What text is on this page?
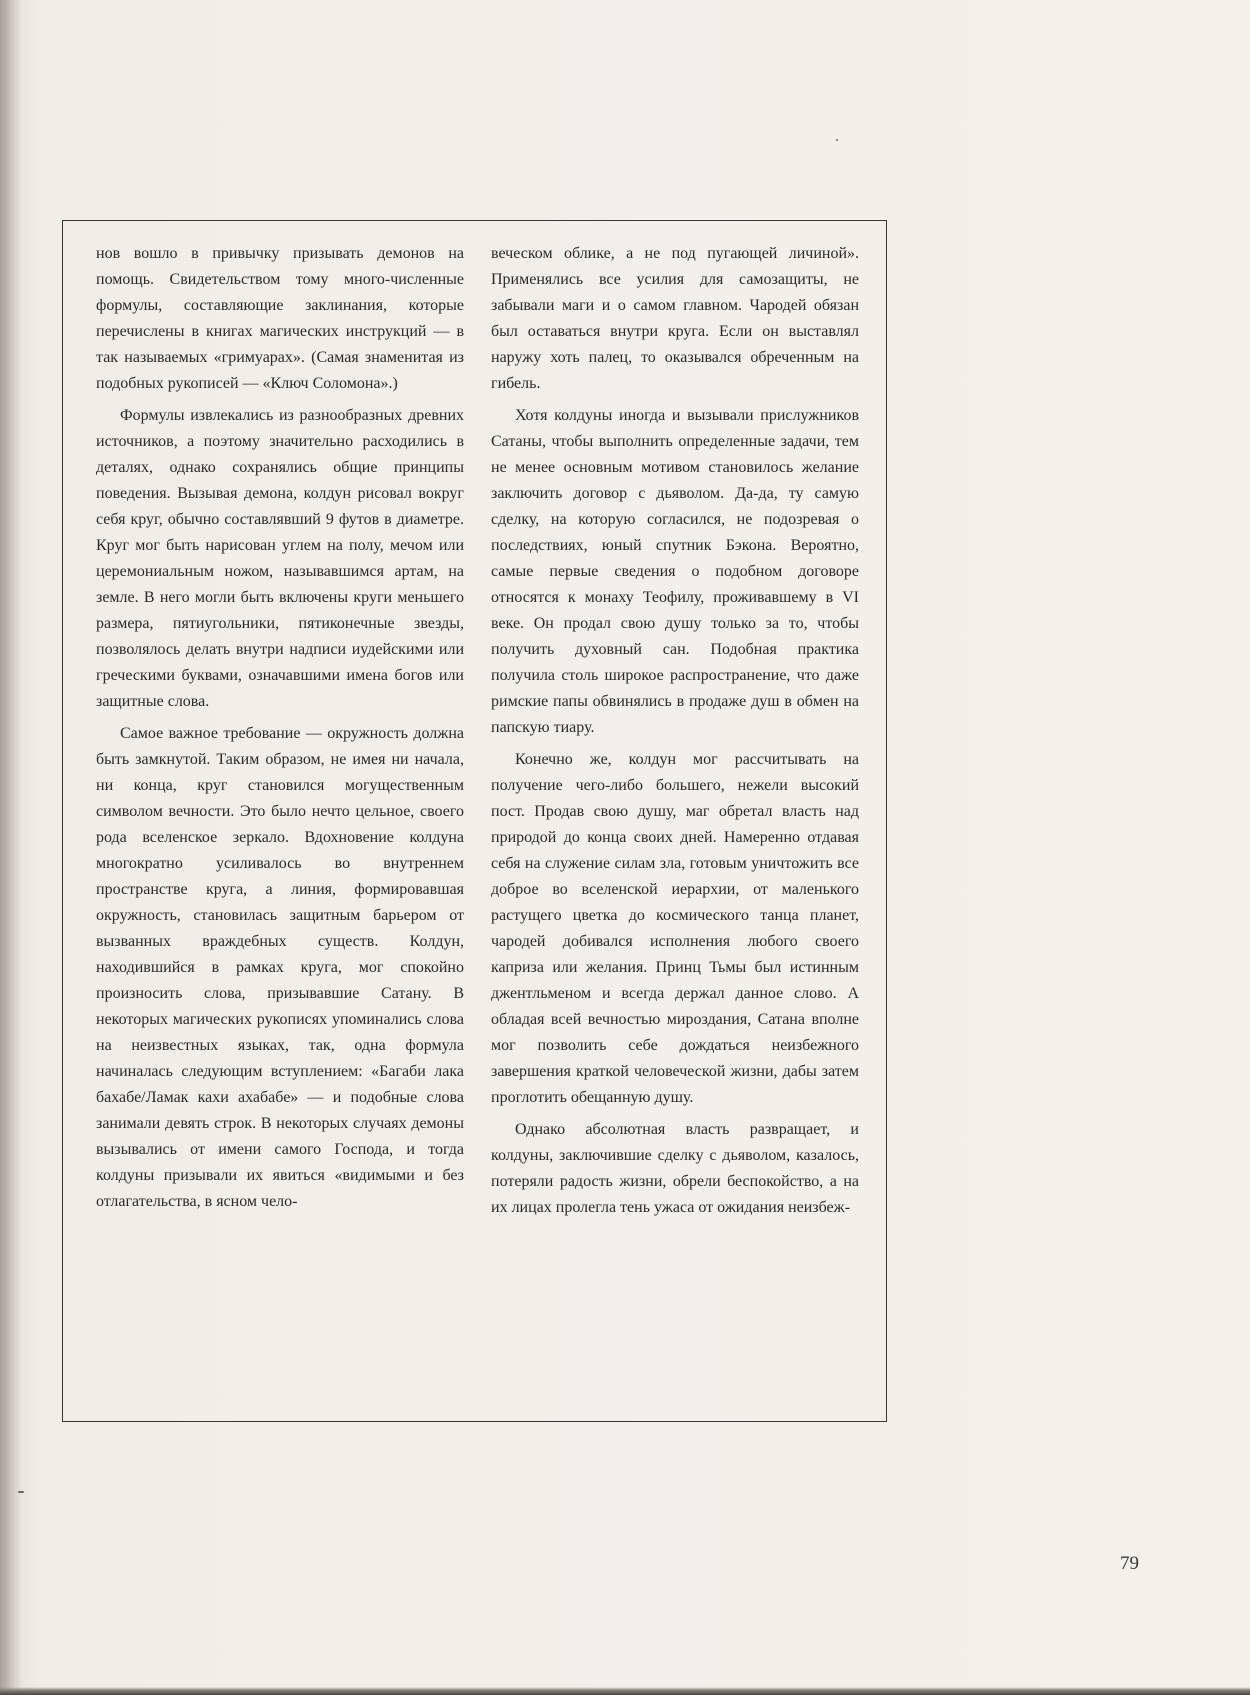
нов вошло в привычку призывать демонов на помощь. Свидетельством тому много-численные формулы, составляющие заклинания, которые перечислены в книгах магических инструкций — в так называемых «гримуарах». (Самая знаменитая из подобных рукописей — «Ключ Соломона».)

Формулы извлекались из разнообразных древних источников, а поэтому значительно расходились в деталях, однако сохранялись общие принципы поведения. Вызывая демона, колдун рисовал вокруг себя круг, обычно составлявший 9 футов в диаметре. Круг мог быть нарисован углем на полу, мечом или церемониальным ножом, называвшимся артам, на земле. В него могли быть включены круги меньшего размера, пятиугольники, пятиконечные звезды, позволялось делать внутри надписи иудейскими или греческими буквами, означавшими имена богов или защитные слова.

Самое важное требование — окружность должна быть замкнутой. Таким образом, не имея ни начала, ни конца, круг становился могущественным символом вечности. Это было нечто цельное, своего рода вселенское зеркало. Вдохновение колдуна многократно усиливалось во внутреннем пространстве круга, а линия, формировавшая окружность, становилась защитным барьером от вызванных враждебных существ. Колдун, находившийся в рамках круга, мог спокойно произносить слова, призывавшие Сатану. В некоторых магических рукописях упоминались слова на неизвестных языках, так, одна формула начиналась следующим вступлением: «Багаби лака бахабе/Ламак кахи ахабабе» — и подобные слова занимали девять строк. В некоторых случаях демоны вызывались от имени самого Господа, и тогда колдуны призывали их явиться «видимыми и без отлагательства, в ясном чело-

веческом облике, а не под пугающей личиной». Применялись все усилия для самозащиты, не забывали маги и о самом главном. Чародей обязан был оставаться внутри круга. Если он выставлял наружу хоть палец, то оказывался обреченным на гибель.

Хотя колдуны иногда и вызывали прислужников Сатаны, чтобы выполнить определенные задачи, тем не менее основным мотивом становилось желание заключить договор с дьяволом. Да-да, ту самую сделку, на которую согласился, не подозревая о последствиях, юный спутник Бэкона. Вероятно, самые первые сведения о подобном договоре относятся к монаху Теофилу, проживавшему в VI веке. Он продал свою душу только за то, чтобы получить духовный сан. Подобная практика получила столь широкое распространение, что даже римские папы обвинялись в продаже душ в обмен на папскую тиару.

Конечно же, колдун мог рассчитывать на получение чего-либо большего, нежели высокий пост. Продав свою душу, маг обретал власть над природой до конца своих дней. Намеренно отдавая себя на служение силам зла, готовым уничтожить все доброе во вселенской иерархии, от маленького растущего цветка до космического танца планет, чародей добивался исполнения любого своего каприза или желания. Принц Тьмы был истинным джентльменом и всегда держал данное слово. А обладая всей вечностью мироздания, Сатана вполне мог позволить себе дождаться неизбежного завершения краткой человеческой жизни, дабы затем проглотить обещанную душу.

Однако абсолютная власть развращает, и колдуны, заключившие сделку с дьяволом, казалось, потеряли радость жизни, обрели беспокойство, а на их лицах пролегла тень ужаса от ожидания неизбеж-

79
